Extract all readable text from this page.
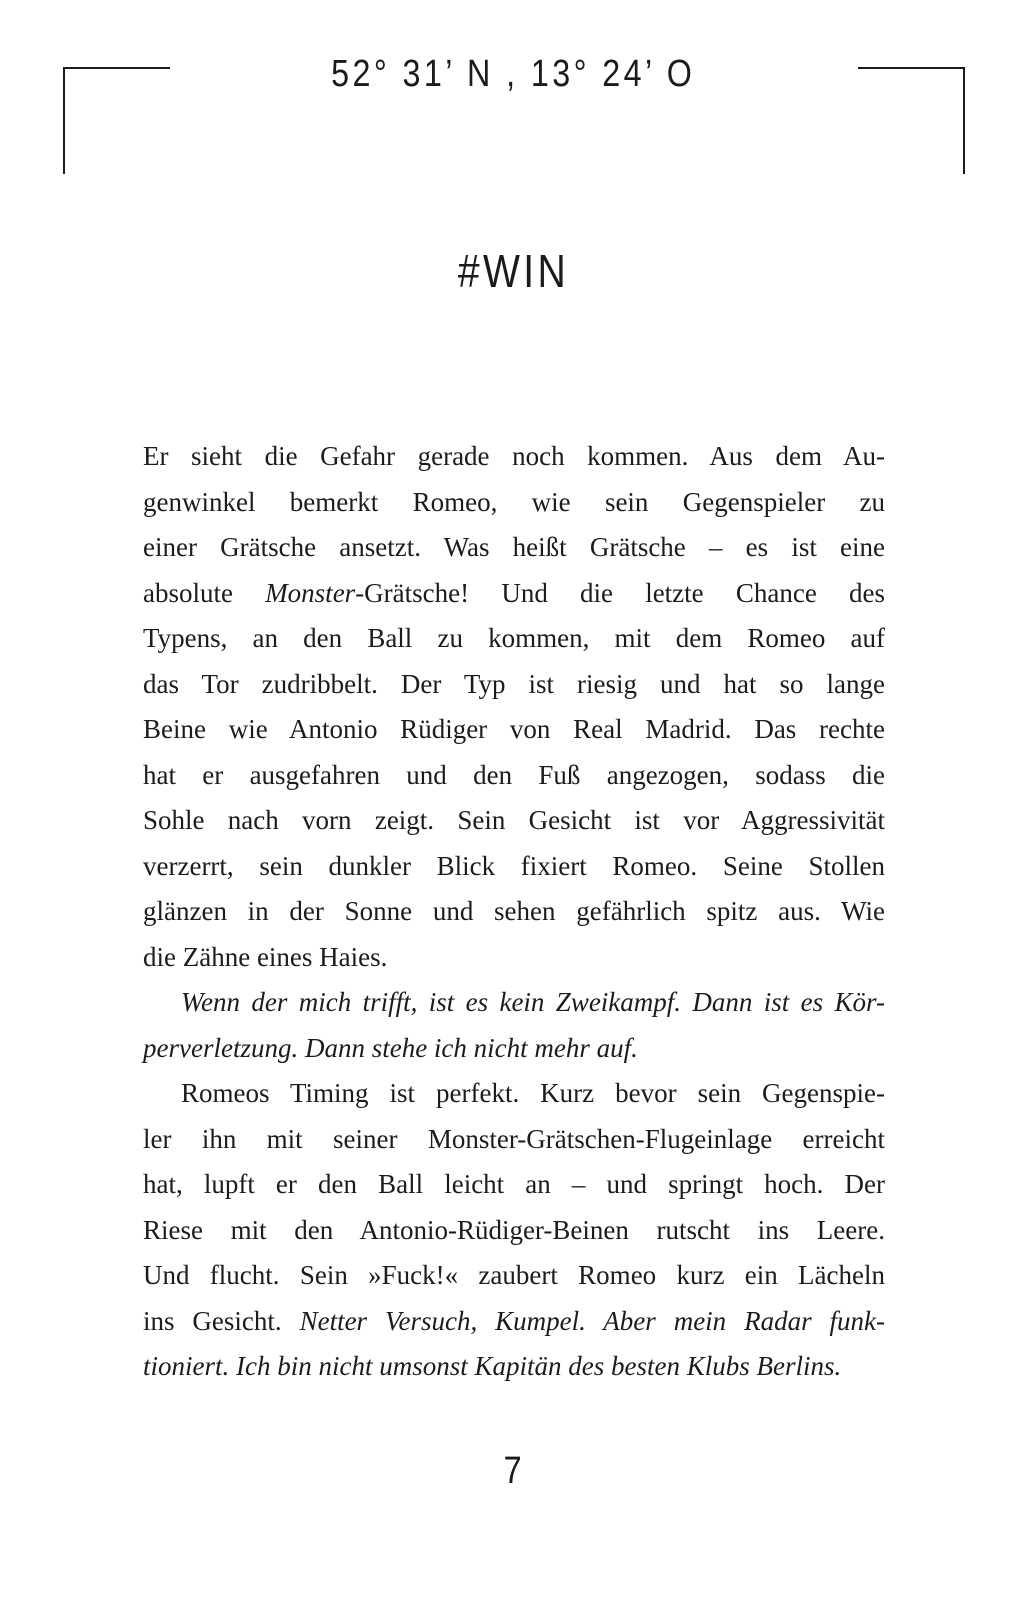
52° 31’ N , 13° 24’ O
#WIN
Er sieht die Gefahr gerade noch kommen. Aus dem Au-
genwinkel bemerkt Romeo, wie sein Gegenspieler zu
einer Grätsche ansetzt. Was heißt Grätsche – es ist eine
absolute Monster-Grätsche! Und die letzte Chance des
Typens, an den Ball zu kommen, mit dem Romeo auf
das Tor zudribbelt. Der Typ ist riesig und hat so lange
Beine wie Antonio Rüdiger von Real Madrid. Das rechte
hat er ausgefahren und den Fuß angezogen, sodass die
Sohle nach vorn zeigt. Sein Gesicht ist vor Aggressivität
verzerrt, sein dunkler Blick fixiert Romeo. Seine Stollen
glänzen in der Sonne und sehen gefährlich spitz aus. Wie
die Zähne eines Haies.
Wenn der mich trifft, ist es kein Zweikampf. Dann ist es Kör-
perverletzung. Dann stehe ich nicht mehr auf.
Romeos Timing ist perfekt. Kurz bevor sein Gegenspie-
ler ihn mit seiner Monster-Grätschen-Flugeinlage erreicht
hat, lupft er den Ball leicht an – und springt hoch. Der
Riese mit den Antonio-Rüdiger-Beinen rutscht ins Leere.
Und flucht. Sein »Fuck!« zaubert Romeo kurz ein Lächeln
ins Gesicht. Netter Versuch, Kumpel. Aber mein Radar funk-
tioniert. Ich bin nicht umsonst Kapitän des besten Klubs Berlins.
7
